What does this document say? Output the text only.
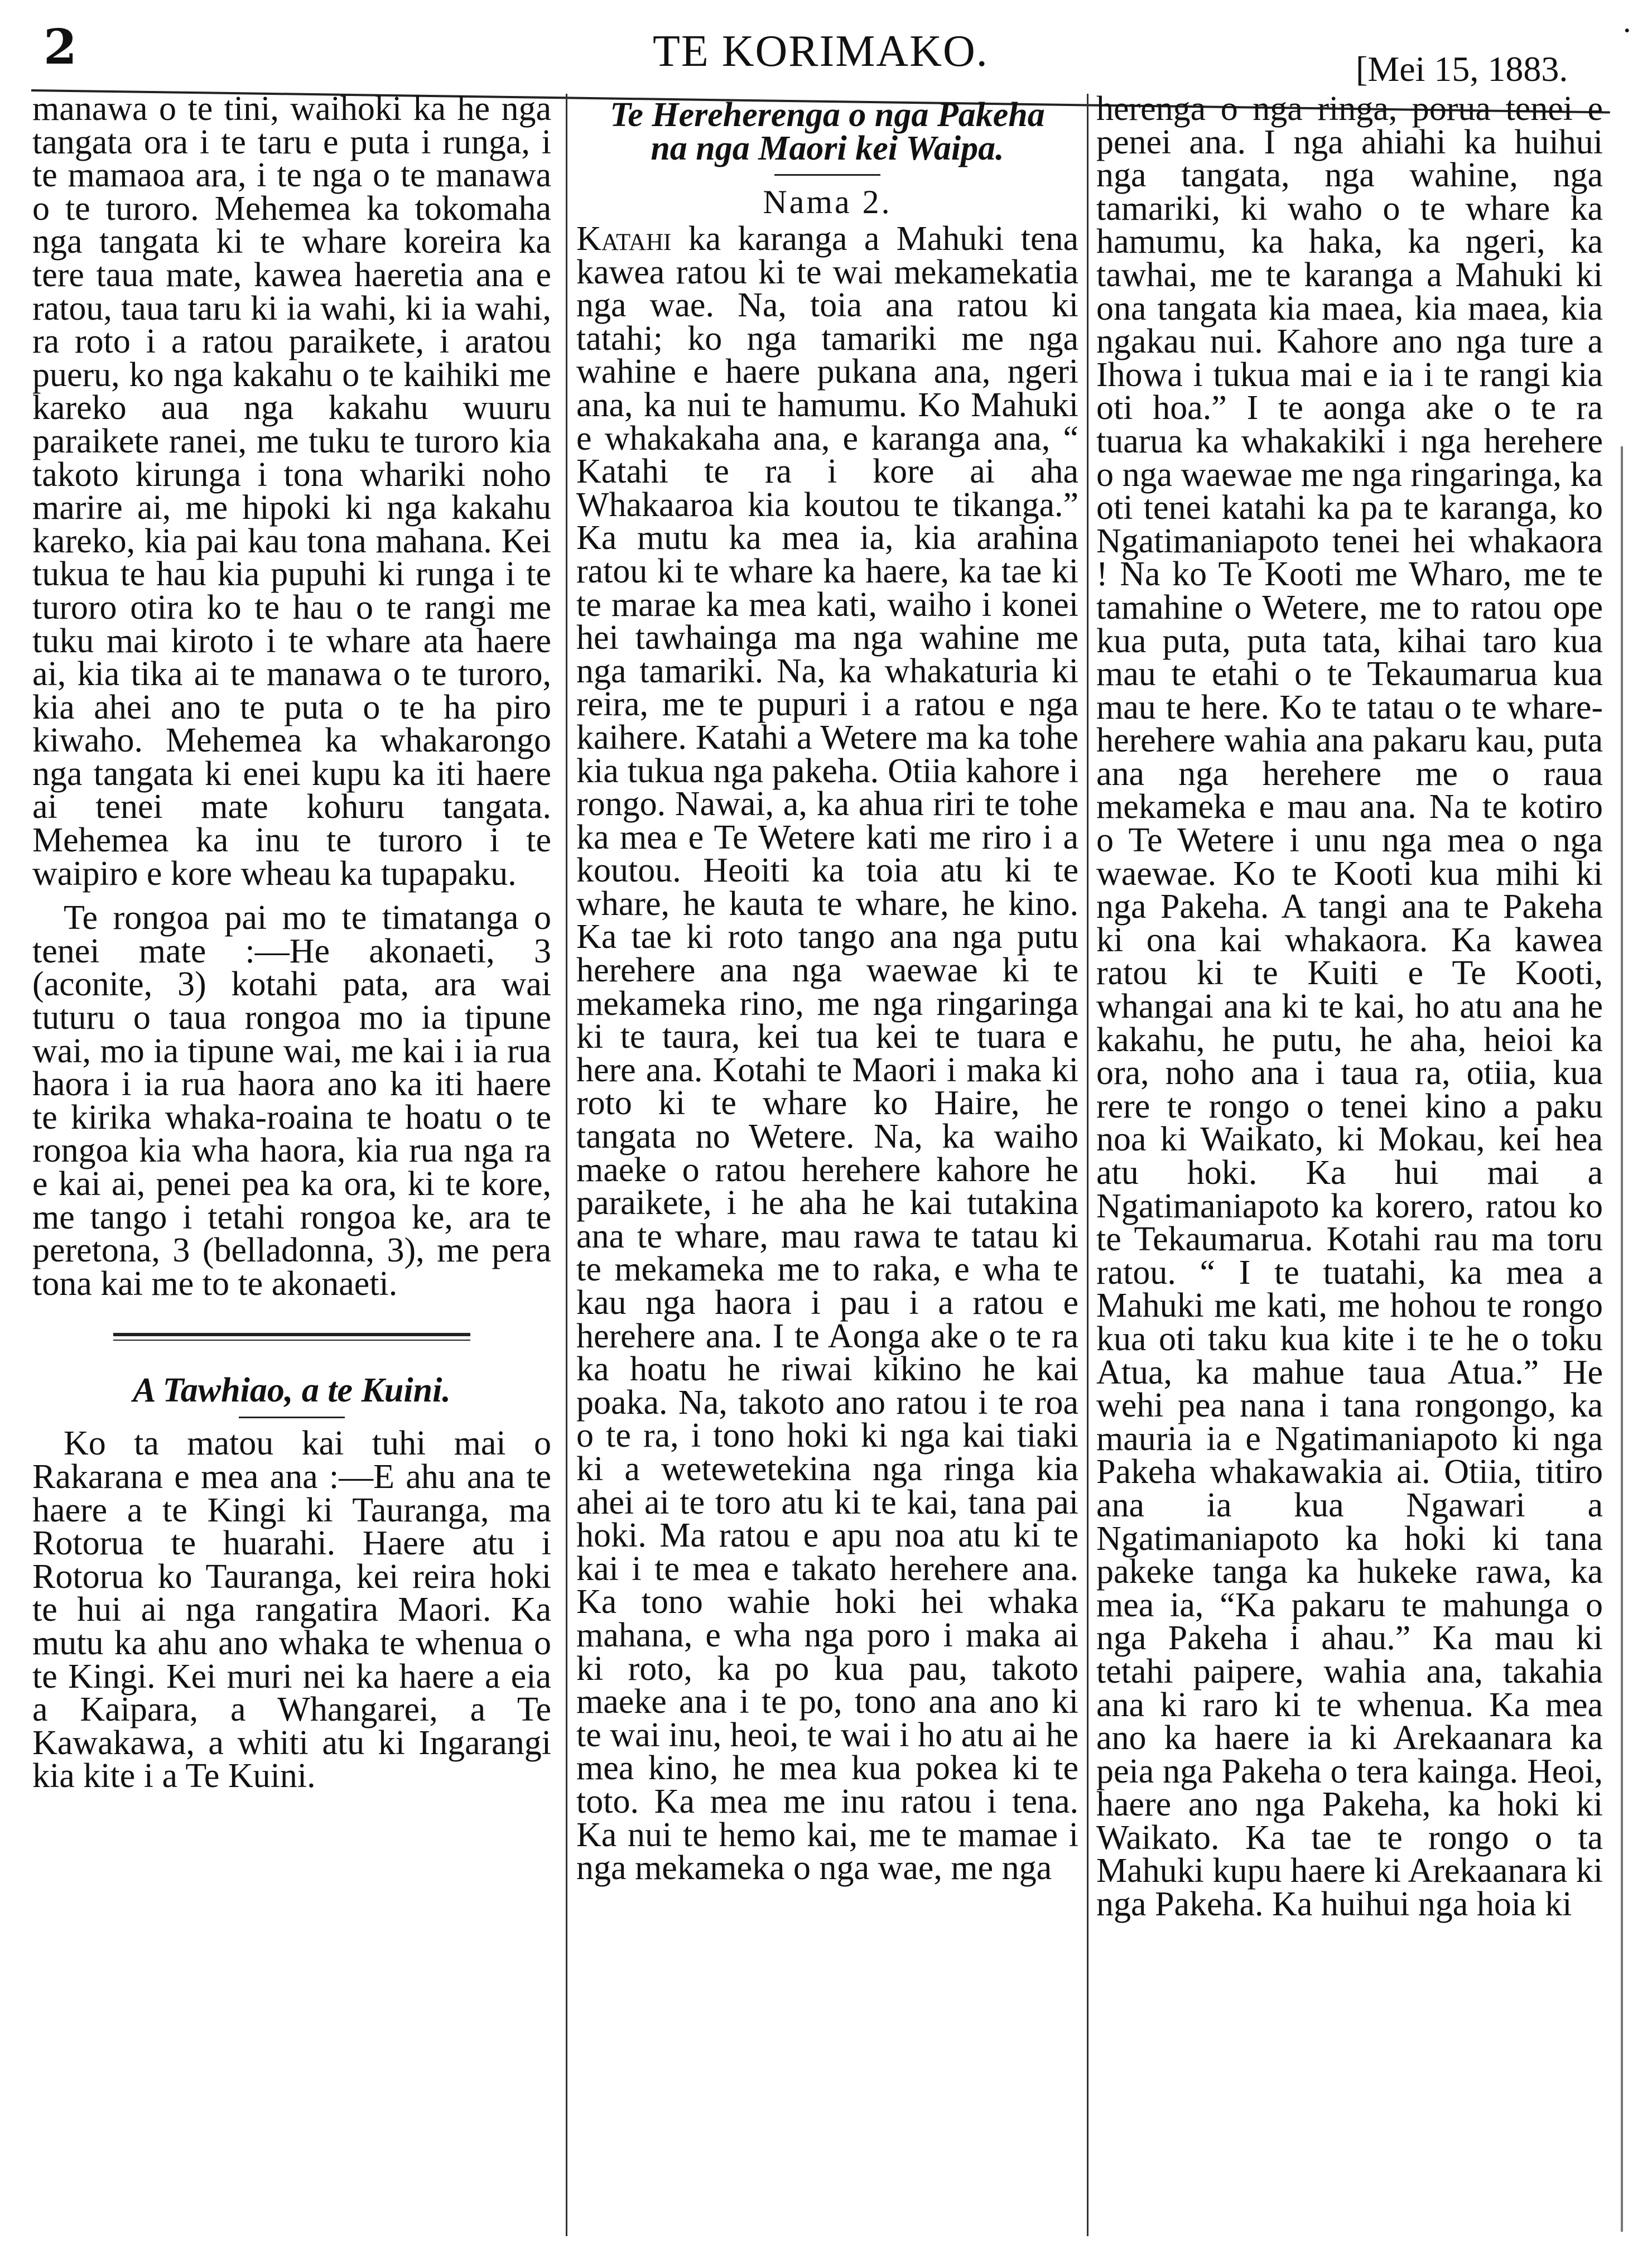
2	TE KORIMAKO.	[Mei 15, 1883.

manawa o te tini, waihoki ka he nga tangata ora i te taru e puta i runga, i te mamaoa ara, i te nga o te manawa o te turoro. Mehemea ka tokomaha nga tangata ki te whare koreira ka tere taua mate, kawea haeretia ana e ratou, taua taru ki ia wahi, ki ia wahi, ra roto i a ratou paraikete, i aratou pueru, ko nga kakahu o te kaihiki me kareko aua nga kakahu wuuru paraikete ranei, me tuku te turoro kia takoto kirunga i tona whariki noho marire ai, me hipoki ki nga kakahu kareko, kia pai kau tona mahana. Kei tukua te hau kia pupuhi ki runga i te turoro otira ko te hau o te rangi me tuku mai kiroto i te whare ata haere ai, kia tika ai te manawa o te turoro, kia ahei ano te puta o te ha piro kiwaho. Mehemea ka whakarongo nga tangata ki enei kupu ka iti haere ai tenei mate kohuru tangata. Mehemea ka inu te turoro i te waipiro e kore wheau ka tupapaku.

Te rongoa pai mo te timatanga o tenei mate :—He akonaeti, 3 (aconite, 3) kotahi pata, ara wai tuturu o taua rongoa mo ia tipune wai, mo ia tipune wai, me kai i ia rua haora i ia rua haora ano ka iti haere te kirika whaka-roaina te hoatu o te rongoa kia wha haora, kia rua nga ra e kai ai, penei pea ka ora, ki te kore, me tango i tetahi rongoa ke, ara te peretona, 3 (belladonna, 3), me pera tona kai me to te akonaeti.

A Tawhiao, a te Kuini.

Ko ta matou kai tuhi mai o Rakarana e mea ana :—E ahu ana te haere a te Kingi ki Tauranga, ma Rotorua te huarahi. Haere atu i Rotorua ko Tauranga, kei reira hoki te hui ai nga rangatira Maori. Ka mutu ka ahu ano whaka te whenua o te Kingi. Kei muri nei ka haere a eia a Kaipara, a Whangarei, a Te Kawakawa, a whiti atu ki Ingarangi kia kite i a Te Kuini.

Te Hereherenga o nga Pakeha
na nga Maori kei Waipa.
Nama 2.

Katahi ka karanga a Mahuki tena kawea ratou ki te wai mekamekatia nga wae. Na, toia ana ratou ki tatahi; ko nga tamariki me nga wahine e haere pukana ana, ngeri ana, ka nui te hamumu. Ko Mahuki e whakakaha ana, e karanga ana, “ Katahi te ra i kore ai aha Whakaaroa kia koutou te tikanga.” Ka mutu ka mea ia, kia arahina ratou ki te whare ka haere, ka tae ki te marae ka mea kati, waiho i konei hei tawhainga ma nga wahine me nga tamariki. Na, ka whakaturia ki reira, me te pupuri i a ratou e nga kaihere. Katahi a Wetere ma ka tohe kia tukua nga pakeha. Otiia kahore i rongo. Nawai, a, ka ahua riri te tohe ka mea e Te Wetere kati me riro i a koutou. Heoiti ka toia atu ki te whare, he kauta te whare, he kino. Ka tae ki roto tango ana nga putu herehere ana nga waewae ki te mekameka rino, me nga ringaringa ki te taura, kei tua kei te tuara e here ana. Kotahi te Maori i maka ki roto ki te whare ko Haire, he tangata no Wetere. Na, ka waiho maeke o ratou herehere kahore he paraikete, i he aha he kai tutakina ana te whare, mau rawa te tatau ki te mekameka me to raka, e wha te kau nga haora i pau i a ratou e herehere ana. I te Aonga ake o te ra ka hoatu he riwai kikino he kai poaka. Na, takoto ano ratou i te roa o te ra, i tono hoki ki nga kai tiaki ki a wetewetekina nga ringa kia ahei ai te toro atu ki te kai, tana pai hoki. Ma ratou e apu noa atu ki te kai i te mea e takato herehere ana. Ka tono wahie hoki hei whaka mahana, e wha nga poro i maka ai ki roto, ka po kua pau, takoto maeke ana i te po, tono ana ano ki te wai inu, heoi, te wai i ho atu ai he mea kino, he mea kua pokea ki te toto. Ka mea me inu ratou i tena. Ka nui te hemo kai, me te mamae i nga mekameka o nga wae, me nga

herenga o nga ringa, porua tenei e penei ana. I nga ahiahi ka huihui nga tangata, nga wahine, nga tamariki, ki waho o te whare ka hamumu, ka haka, ka ngeri, ka tawhai, me te karanga a Mahuki ki ona tangata kia maea, kia maea, kia ngakau nui. Kahore ano nga ture a Ihowa i tukua mai e ia i te rangi kia oti hoa.” I te aonga ake o te ra tuarua ka whakakiki i nga herehere o nga waewae me nga ringaringa, ka oti tenei katahi ka pa te karanga, ko Ngatimaniapoto tenei hei whakaora ! Na ko Te Kooti me Wharo, me te tamahine o Wetere, me to ratou ope kua puta, puta tata, kihai taro kua mau te etahi o te Tekaumarua kua mau te here. Ko te tatau o te whare-herehere wahia ana pakaru kau, puta ana nga herehere me o raua mekameka e mau ana. Na te kotiro o Te Wetere i unu nga mea o nga waewae. Ko te Kooti kua mihi ki nga Pakeha. A tangi ana te Pakeha ki ona kai whakaora. Ka kawea ratou ki te Kuiti e Te Kooti, whangai ana ki te kai, ho atu ana he kakahu, he putu, he aha, heioi ka ora, noho ana i taua ra, otiia, kua rere te rongo o tenei kino a paku noa ki Waikato, ki Mokau, kei hea atu hoki. Ka hui mai a Ngatimaniapoto ka korero, ratou ko te Tekaumarua. Kotahi rau ma toru ratou. “ I te tuatahi, ka mea a Mahuki me kati, me hohou te rongo kua oti taku kua kite i te he o toku Atua, ka mahue taua Atua.” He wehi pea nana i tana rongongo, ka mauria ia e Ngatimaniapoto ki nga Pakeha whakawakia ai. Otiia, titiro ana ia kua Ngawari a Ngatimaniapoto ka hoki ki tana pakeke tanga ka hukeke rawa, ka mea ia, “Ka pakaru te mahunga o nga Pakeha i ahau.” Ka mau ki tetahi paipere, wahia ana, takahia ana ki raro ki te whenua. Ka mea ano ka haere ia ki Arekaanara ka peia nga Pakeha o tera kainga. Heoi, haere ano nga Pakeha, ka hoki ki Waikato. Ka tae te rongo o ta Mahuki kupu haere ki Arekaanara ki nga Pakeha. Ka huihui nga hoia ki

·
